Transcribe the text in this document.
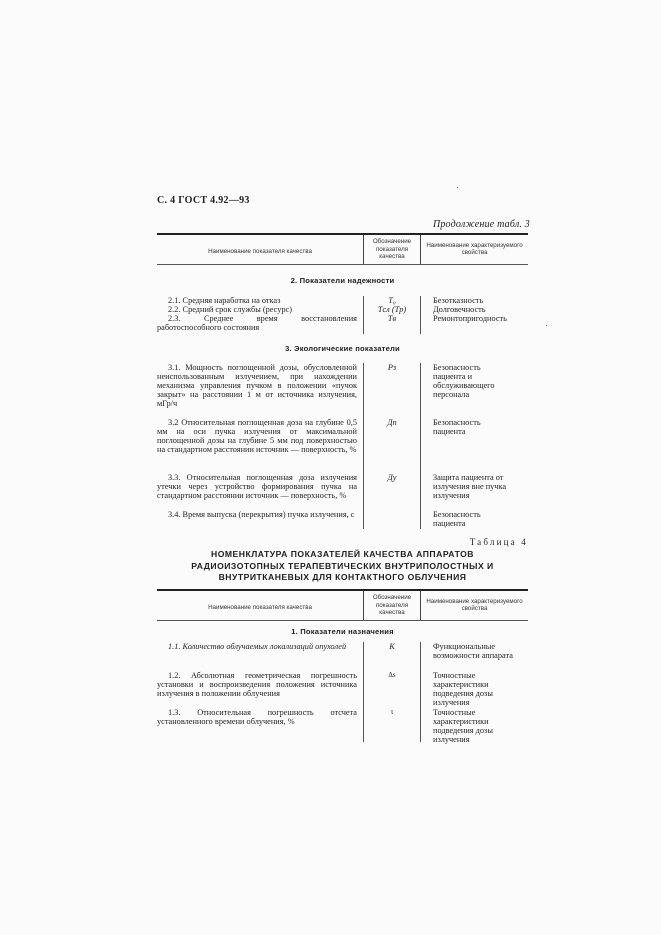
С. 4 ГОСТ 4.92—93
Продолжение табл. 3
Наименование показателя качества
Обозначение показателя качества
Наименование характеризуемого свойства
2. Показатели надежности

2.1. Средняя наработка на отказ

2.2. Средний срок службы (ресурс)

2.3.	Среднее время восстановления работоспособного состояния

T₀
Tсл (Tр)
Tв
Безотказность
Долговечность
Ремонтопригодность
3. Экологические показатели

3.1. Мощность поглощенной дозы, обусловленной неиспользованным излучением, при нахождении механизма управления пучком в положении «пучок закрыт» на расстоянии 1 м от источника излучения, мГр/ч

3.2 Относительная поглощенная доза на глубине 0,5 мм на оси пучка излучения от максимальной поглощенной дозы на глубине 5 мм под поверхностью на стандартном расстоянии источник — поверхность, %

3.3. Относительная поглощенная доза излучения утечки через устройство формирования пучка на стандартном расстоянии источник — поверхность, %

3.4. Время выпуска (перекрытия) пучка излучения, с

Pз
Дп
Ду
Безопасность пациента и обслуживающего персонала
Безопасность пациента
Защита пациента от излучения вне пучка излучения
Безопасность пациента
Таблица 4
НОМЕНКЛАТУРА ПОКАЗАТЕЛЕЙ КАЧЕСТВА АППАРАТОВ
РАДИОИЗОТОПНЫХ ТЕРАПЕВТИЧЕСКИХ ВНУТРИПОЛОСТНЫХ И
ВНУТРИТКАНЕВЫХ ДЛЯ КОНТАКТНОГО ОБЛУЧЕНИЯ
Наименование показателя качества
Обозначение показателя качества
Наименование характеризуемого свойства
1. Показатели назначения

1.1. Количество облучаемых локализаций опухолей

1.2. Абсолютная геометрическая погрешность установки и воспроизведения положения источника излучения в положении облучения

1.3. Относительная погрешность отсчета установленного времени облучения, %

K
Δs
τ
Функциональные возможности аппарата
Точностные характеристики подведения дозы излучения
Точностные характеристики подведения дозы излучения
